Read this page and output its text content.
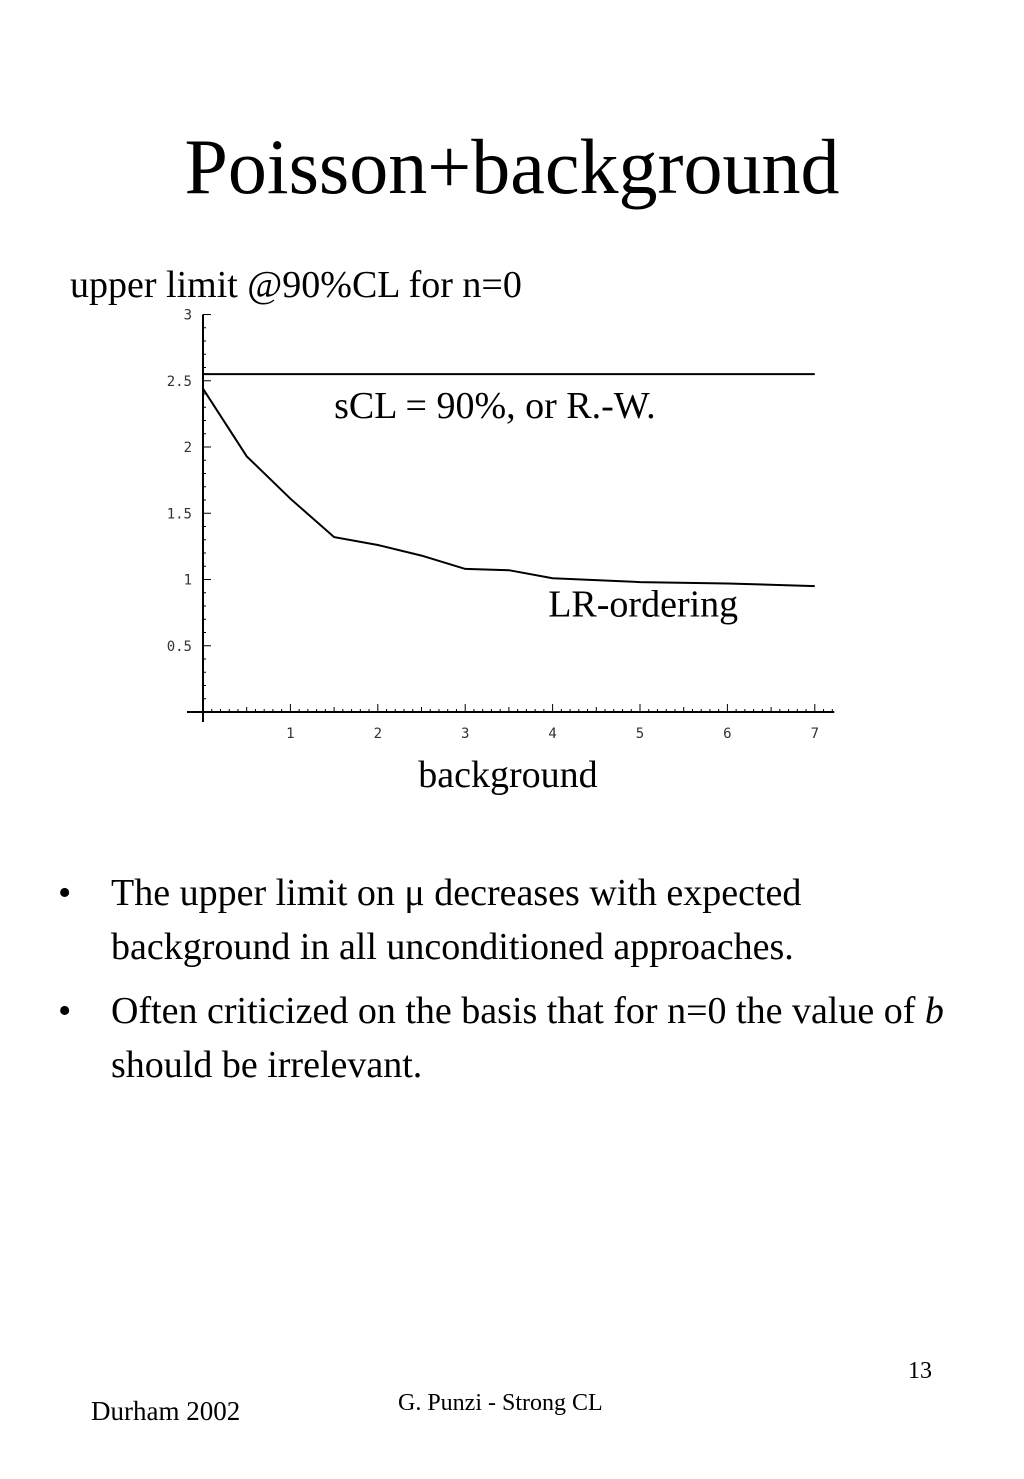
Poisson+background
upper limit @90%CL for n=0
1	2	3	4	5	6	7
0.5
1
1.5
2
2.5
3
sCL = 90%, or R.-W.
LR-ordering
background
• The upper limit on μ decreases with expected background in all unconditioned approaches.
• Often criticized on the basis that for n=0 the value of b should be irrelevant.
13
Durham 2002	G. Punzi - Strong CL
